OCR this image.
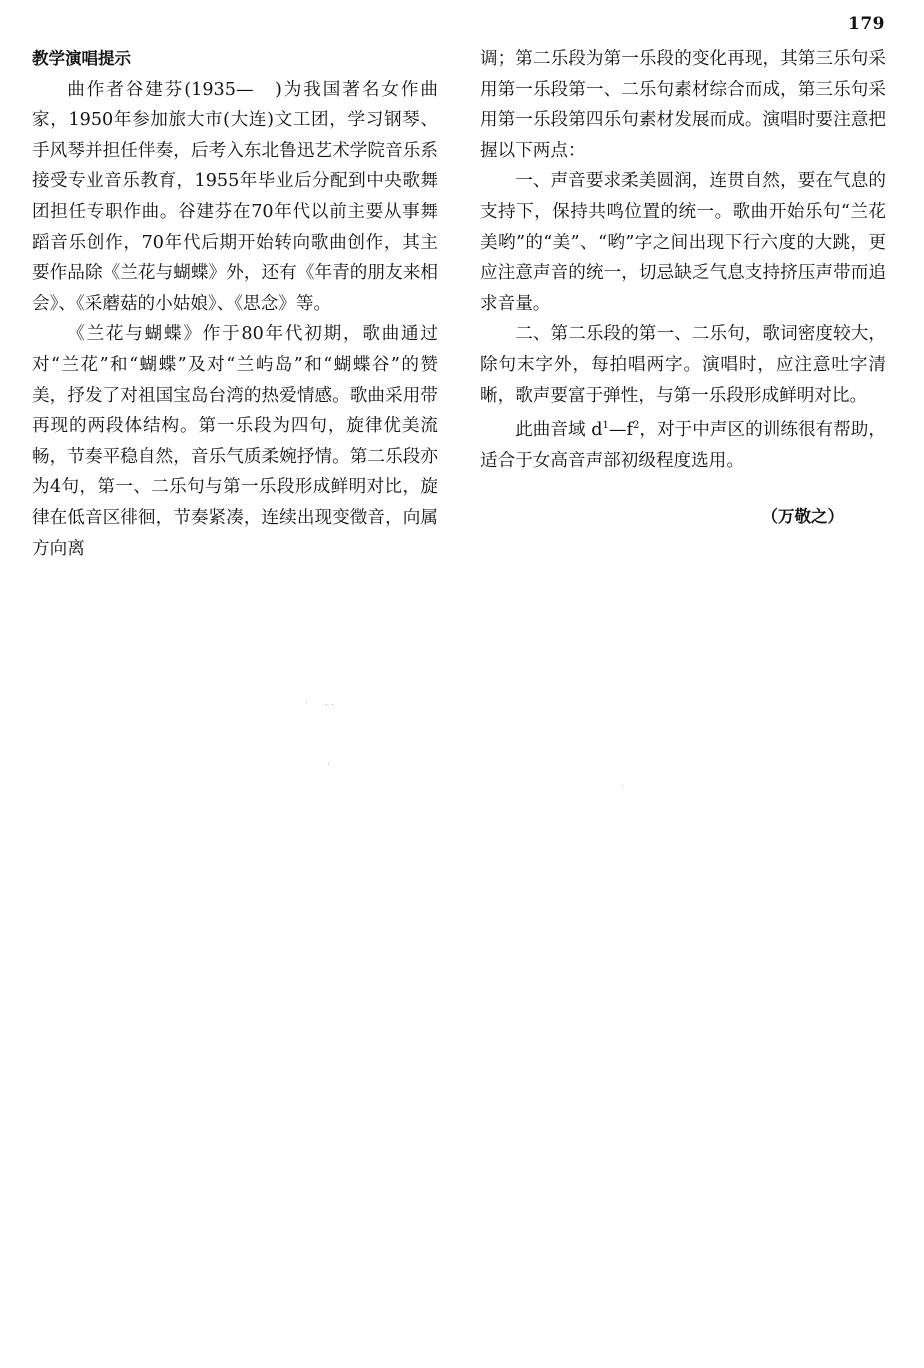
179

教学演唱提示

曲作者谷建芬(1935—　)为我国著名女作曲家，1950年参加旅大市(大连)文工团，学习钢琴、手风琴并担任伴奏，后考入东北鲁迅艺术学院音乐系接受专业音乐教育，1955年毕业后分配到中央歌舞团担任专职作曲。谷建芬在70年代以前主要从事舞蹈音乐创作，70年代后期开始转向歌曲创作，其主要作品除《兰花与蝴蝶》外，还有《年青的朋友来相会》、《采蘑菇的小姑娘》、《思念》等。

《兰花与蝴蝶》作于80年代初期，歌曲通过对“兰花”和“蝴蝶”及对“兰屿岛”和“蝴蝶谷”的赞美，抒发了对祖国宝岛台湾的热爱情感。歌曲采用带再现的两段体结构。第一乐段为四句，旋律优美流畅，节奏平稳自然，音乐气质柔婉抒情。第二乐段亦为4句，第一、二乐句与第一乐段形成鲜明对比，旋律在低音区徘徊，节奏紧凑，连续出现变徵音，向属方向离

调；第二乐段为第一乐段的变化再现，其第三乐句采用第一乐段第一、二乐句素材综合而成，第三乐句采用第一乐段第四乐句素材发展而成。演唱时要注意把握以下两点：

一、声音要求柔美圆润，连贯自然，要在气息的支持下，保持共鸣位置的统一。歌曲开始乐句“兰花美哟”的“美”、“哟”字之间出现下行六度的大跳，更应注意声音的统一，切忌缺乏气息支持挤压声带而追求音量。

二、第二乐段的第一、二乐句，歌词密度较大，除句末字外，每拍唱两字。演唱时，应注意吐字清晰，歌声要富于弹性，与第一乐段形成鲜明对比。

此曲音域 $d^1—f^2$，对于中声区的训练很有帮助，适合于女高音声部初级程度选用。

（万敬之）
